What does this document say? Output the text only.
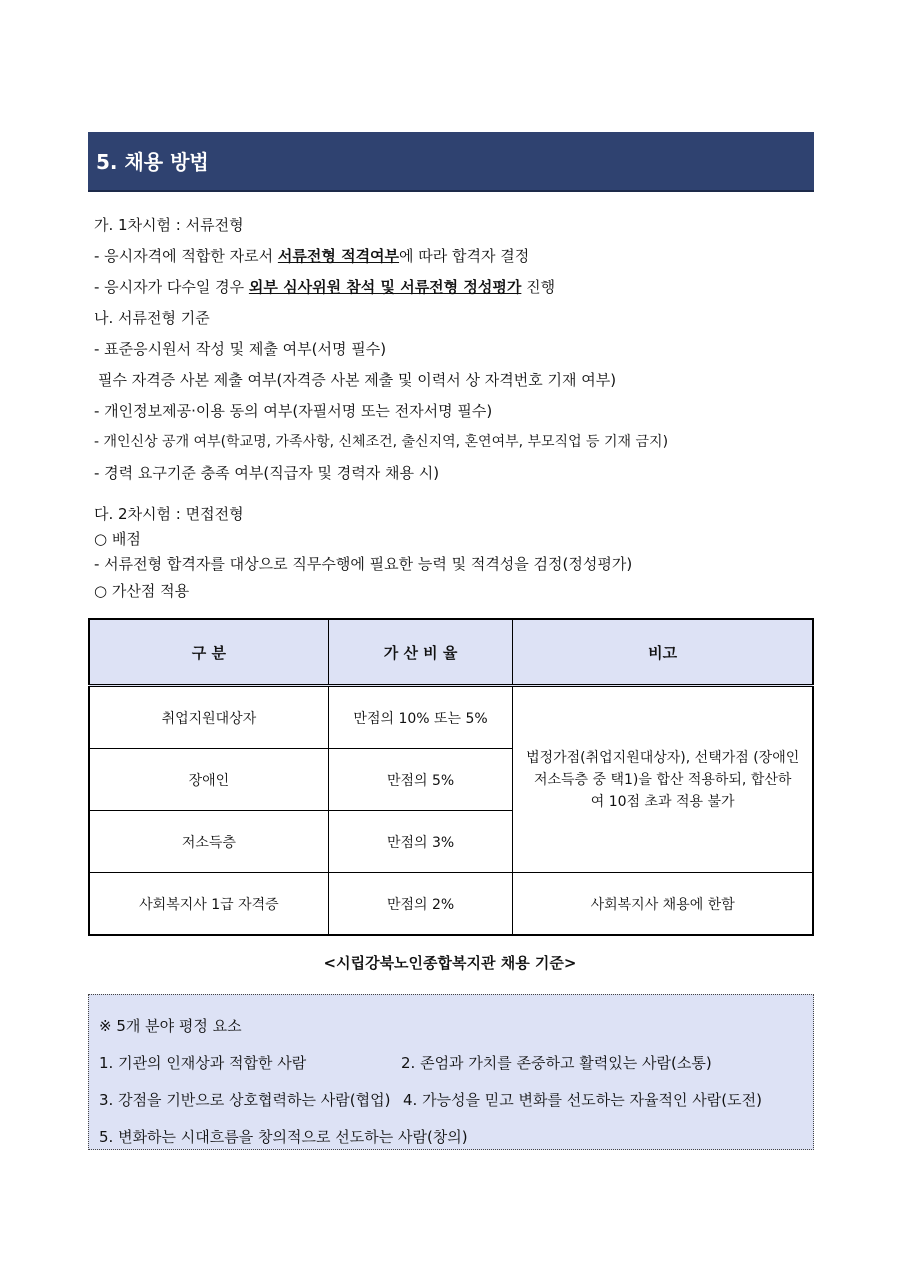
5. 채용 방법
가. 1차시험 : 서류전형
- 응시자격에 적합한 자로서 서류전형 적격여부에 따라 합격자 결정
- 응시자가 다수일 경우 외부 심사위원 참석 및 서류전형 정성평가 진행
나. 서류전형 기준
- 표준응시원서 작성 및 제출 여부(서명 필수)
필수 자격증 사본 제출 여부(자격증 사본 제출 및 이력서 상 자격번호 기재 여부)
- 개인정보제공·이용 동의 여부(자필서명 또는 전자서명 필수)
- 개인신상 공개 여부(학교명, 가족사항, 신체조건, 출신지역, 혼연여부, 부모직업 등 기재 금지)
- 경력 요구기준 충족 여부(직급자 및 경력자 채용 시)
다. 2차시험 : 면접전형
○ 배점
- 서류전형 합격자를 대상으로 직무수행에 필요한 능력 및 적격성을 검정(정성평가)
○ 가산점 적용
구 분	가 산 비 율	비고
취업지원대상자	만점의 10% 또는 5%	법정가점(취업지원대상자), 선택가점 (장애인
저소득층 중 택1)을 합산 적용하되, 합산하
여 10점 초과 적용 불가

장애인	만점의 5%	
저소득층	만점의 3%	
사회복지사 1급 자격증	만점의 2%	사회복지사 채용에 한함
<시립강북노인종합복지관 채용 기준>
※ 5개 분야 평정 요소
1. 기관의 인재상과 적합한 사람	2. 존엄과 가치를 존중하고 활력있는 사람(소통)
3. 강점을 기반으로 상호협력하는 사람(협업) 4. 가능성을 믿고 변화를 선도하는 자율적인 사람(도전)
5. 변화하는 시대흐름을 창의적으로 선도하는 사람(창의)
